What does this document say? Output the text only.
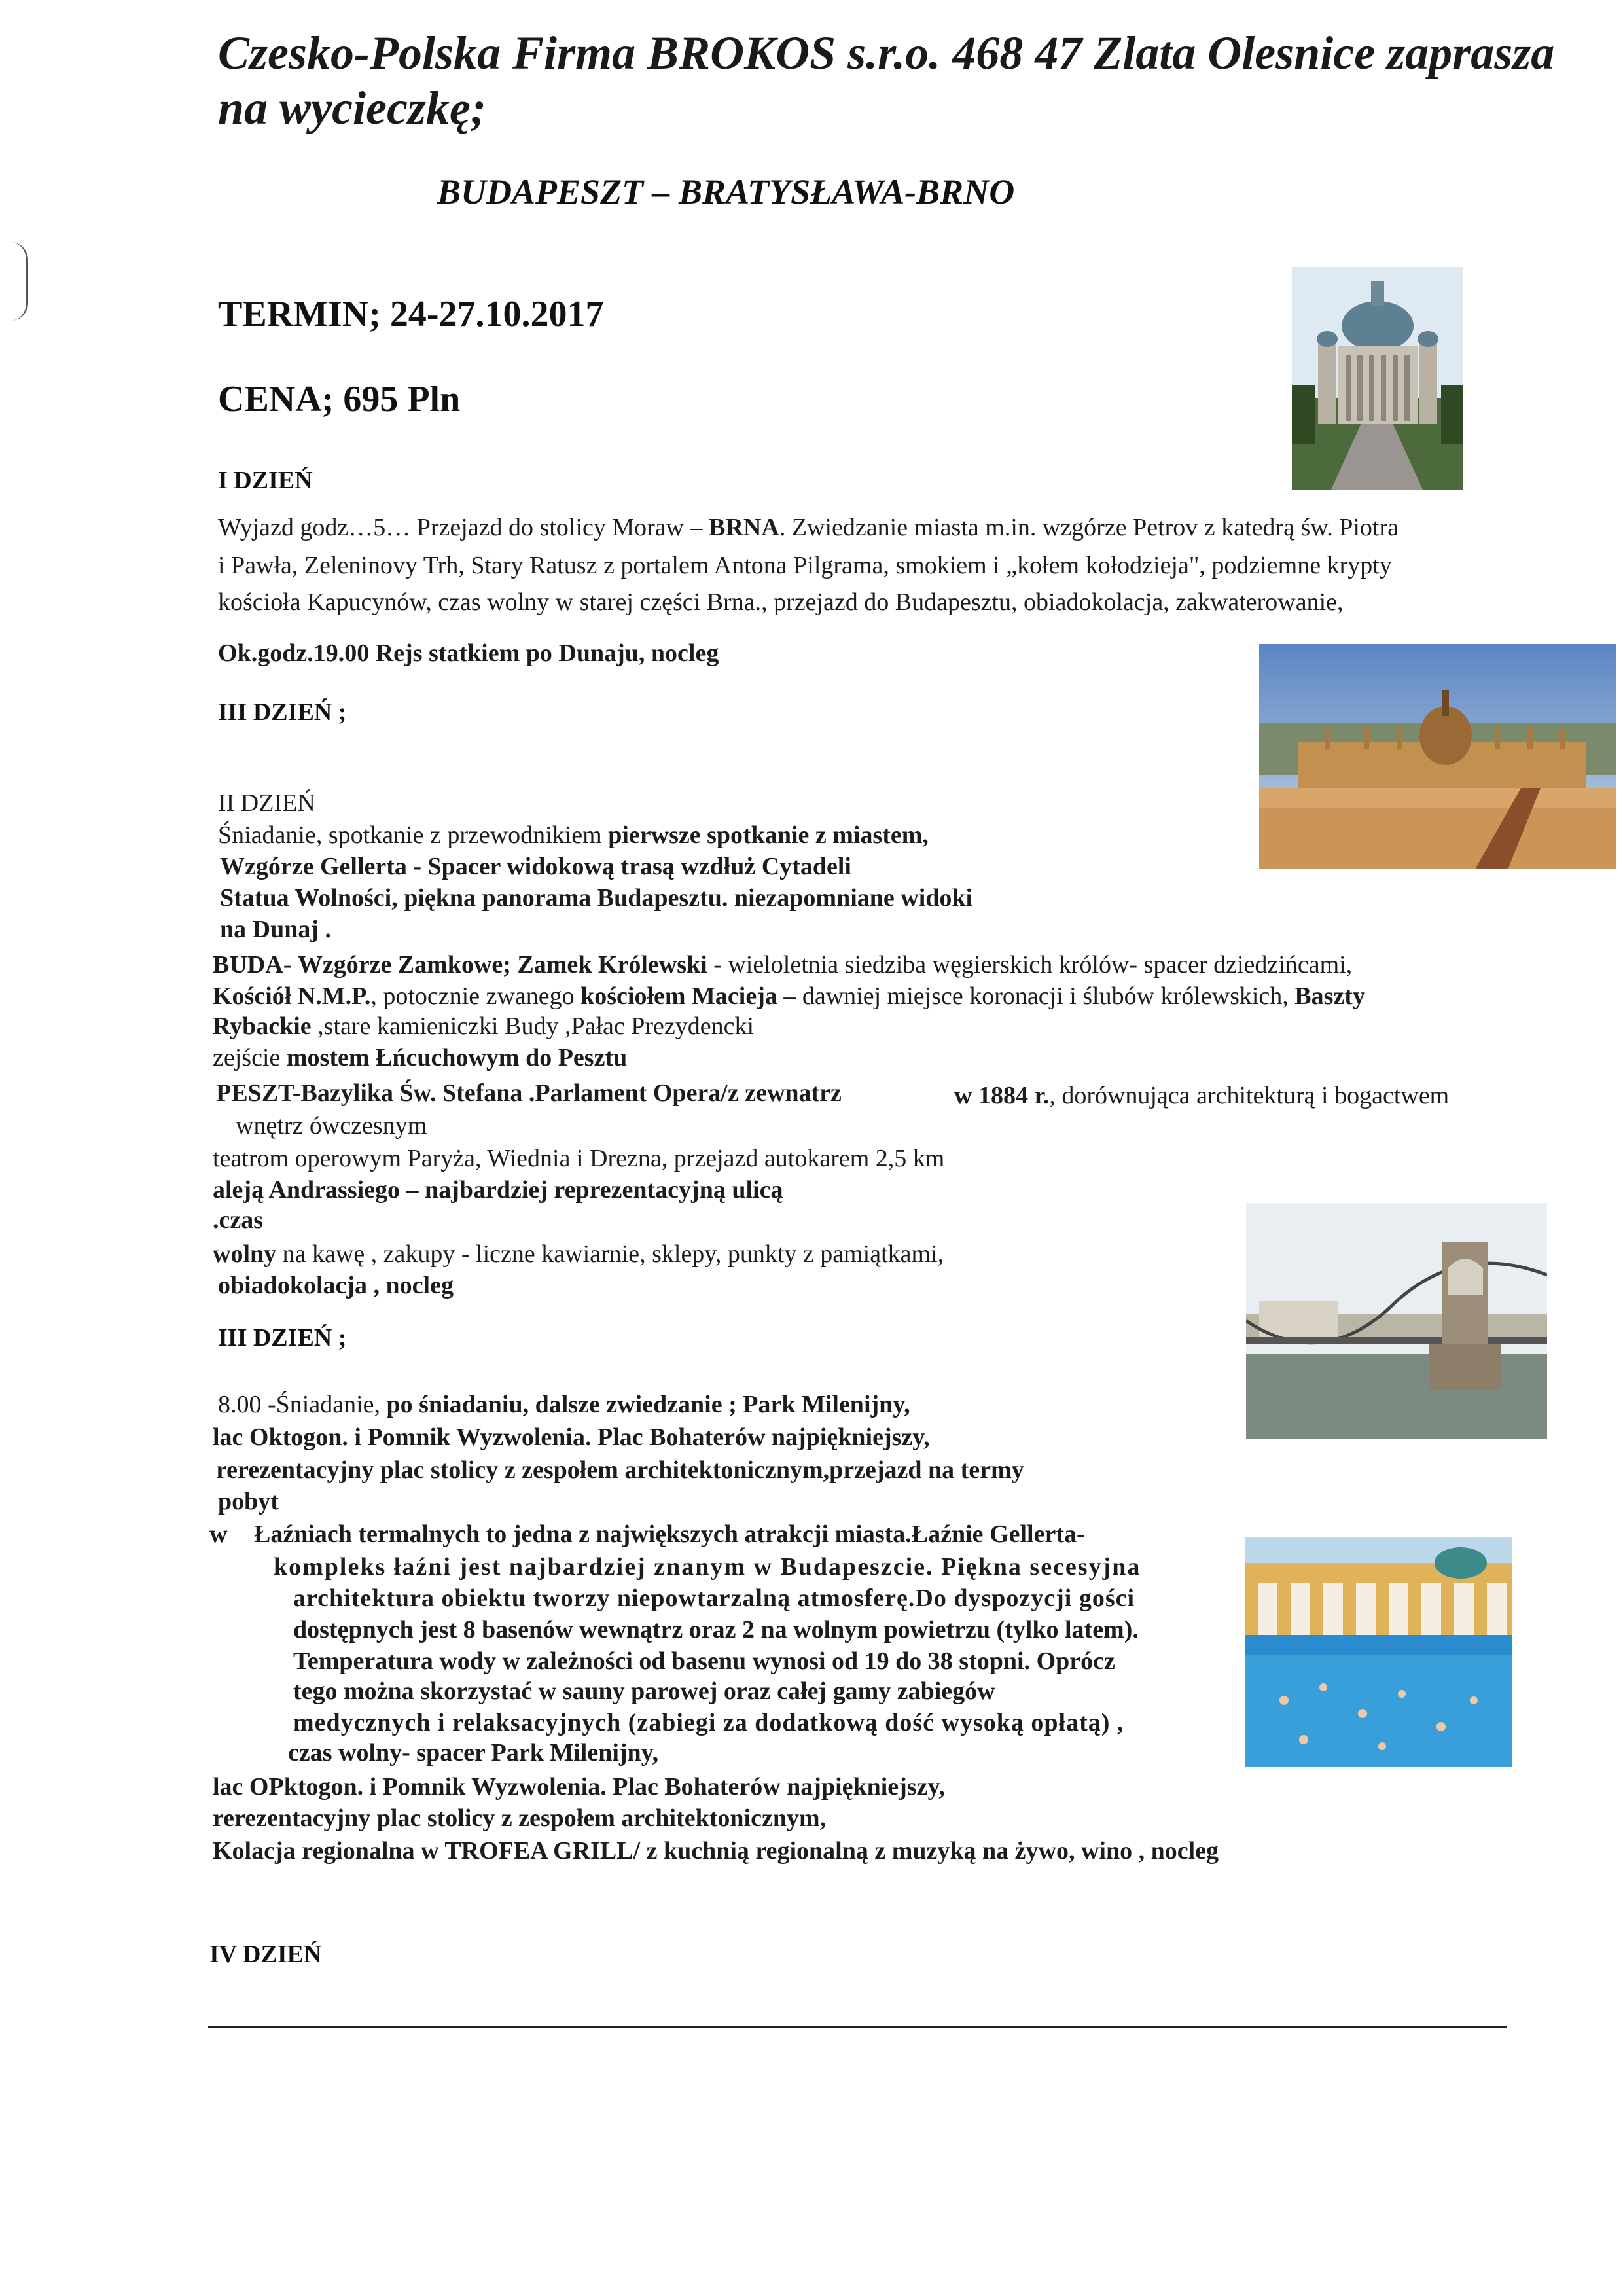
Czesko-Polska Firma BROKOS s.r.o. 468 47 Zlata Olesnice zaprasza
na wycieczkę;
BUDAPESZT – BRATYSŁAWA-BRNO
TERMIN; 24-27.10.2017
CENA; 695 Pln
I DZIEŃ
Wyjazd godz…5… Przejazd do stolicy Moraw – BRNA. Zwiedzanie miasta m.in. wzgórze Petrov z katedrą św. Piotra
i Pawła, Zeleninovy Trh, Stary Ratusz z portalem Antona Pilgrama, smokiem i „kołem kołodzieja", podziemne krypty
kościoła Kapucynów, czas wolny w starej części Brna., przejazd do Budapesztu, obiadokolacja, zakwaterowanie,
Ok.godz.19.00 Rejs statkiem po Dunaju, nocleg
III DZIEŃ ;
II DZIEŃ
Śniadanie, spotkanie z przewodnikiem pierwsze spotkanie z miastem,
Wzgórze Gellerta - Spacer widokową trasą wzdłuż Cytadeli
Statua Wolności, piękna panorama Budapesztu. niezapomniane widoki
na Dunaj .
BUDA- Wzgórze Zamkowe; Zamek Królewski - wieloletnia siedziba węgierskich królów- spacer dziedzińcami,
Kościół N.M.P., potocznie zwanego kościołem Macieja – dawniej miejsce koronacji i ślubów królewskich, Baszty
Rybackie ,stare kamieniczki Budy ,Pałac Prezydencki
zejście mostem Łńcuchowym do Pesztu
PESZT-Bazylika Św. Stefana .Parlament Opera/z zewnatrz	w 1884 r., dorównująca architekturą i bogactwem
wnętrz ówczesnym
teatrom operowym Paryża, Wiednia i Drezna, przejazd autokarem 2,5 km
aleją Andrassiego – najbardziej reprezentacyjną ulicą
.czas
wolny na kawę , zakupy - liczne kawiarnie, sklepy, punkty z pamiątkami,
obiadokolacja , nocleg
III DZIEŃ ;
8.00 -Śniadanie, po śniadaniu, dalsze zwiedzanie ; Park Milenijny,
lac Oktogon. i Pomnik Wyzwolenia. Plac Bohaterów najpiękniejszy,
rerezentacyjny plac stolicy z zespołem architektonicznym,przejazd na termy
pobyt
w Łaźniach termalnych to jedna z największych atrakcji miasta.Łaźnie Gellerta-
kompleks łaźni jest najbardziej znanym w Budapeszcie. Piękna secesyjna
architektura obiektu tworzy niepowtarzalną atmosferę.Do dyspozycji gości
dostępnych jest 8 basenów wewnątrz oraz 2 na wolnym powietrzu (tylko latem).
Temperatura wody w zależności od basenu wynosi od 19 do 38 stopni. Oprócz
tego można skorzystać w sauny parowej oraz całej gamy zabiegów
medycznych i relaksacyjnych (zabiegi za dodatkową dość wysoką opłatą) ,
czas wolny- spacer Park Milenijny,
lac OPktogon. i Pomnik Wyzwolenia. Plac Bohaterów najpiękniejszy,
rerezentacyjny plac stolicy z zespołem architektonicznym,
Kolacja regionalna w TROFEA GRILL/ z kuchnią regionalną z muzyką na żywo, wino , nocleg
IV DZIEŃ
